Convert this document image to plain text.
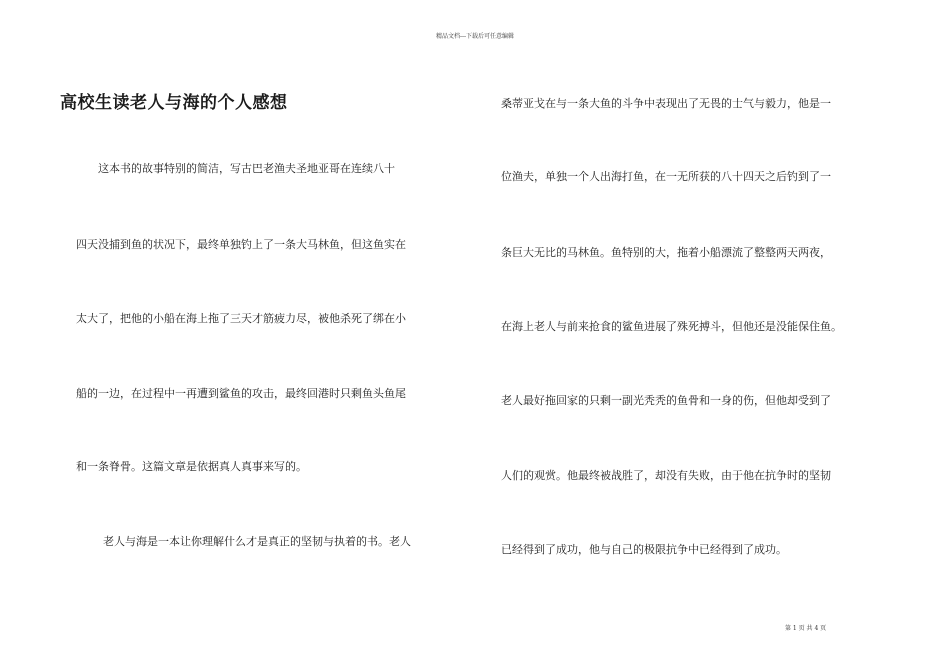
精品文档---下载后可任意编辑
高校生读老人与海的个人感想
　　这本书的故事特别的简洁，写古巴老渔夫圣地亚哥在连续八十
四天没捕到鱼的状况下，最终单独钓上了一条大马林鱼，但这鱼实在
太大了，把他的小船在海上拖了三天才筋疲力尽，被他杀死了绑在小
船的一边，在过程中一再遭到鲨鱼的攻击，最终回港时只剩鱼头鱼尾
和一条脊骨。这篇文章是依据真人真事来写的。
　老人与海是一本让你理解什么才是真正的坚韧与执着的书。老人
桑蒂亚戈在与一条大鱼的斗争中表现出了无畏的士气与毅力，他是一
位渔夫，单独一个人出海打鱼，在一无所获的八十四天之后钓到了一
条巨大无比的马林鱼。鱼特别的大，拖着小船漂流了整整两天两夜，
在海上老人与前来抢食的鲨鱼进展了殊死搏斗，但他还是没能保住鱼。
老人最好拖回家的只剩一副光秃秃的鱼骨和一身的伤，但他却受到了
人们的观赏。他最终被战胜了，却没有失败，由于他在抗争时的坚韧
已经得到了成功，他与自己的极限抗争中已经得到了成功。
第 1 页 共 4 页
